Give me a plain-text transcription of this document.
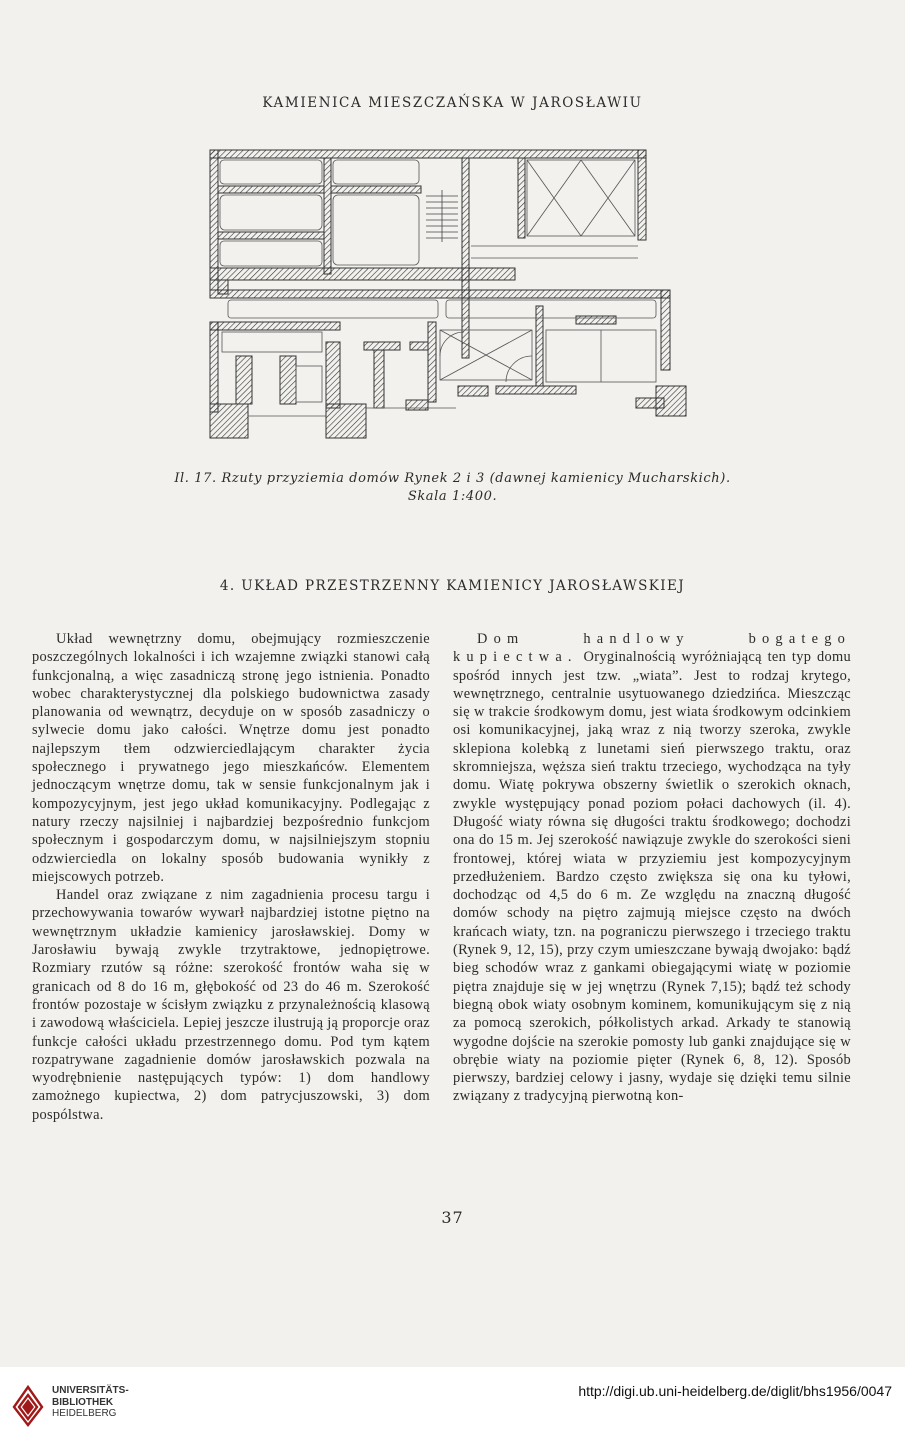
KAMIENICA MIESZCZAŃSKA W JAROSŁAWIU
Il. 17. Rzuty przyziemia domów Rynek 2 i 3 (dawnej kamienicy Mucharskich).
Skala 1:400.
4. UKŁAD PRZESTRZENNY KAMIENICY JAROSŁAWSKIEJ

Układ wewnętrzny domu, obejmujący rozmieszczenie poszczególnych lokalności i ich wzajemne związki stanowi całą funkcjonalną, a więc zasadniczą stronę jego istnienia. Ponadto wobec charakterystycznej dla polskiego budownictwa zasady planowania od wewnątrz, decyduje on w sposób zasadniczy o sylwecie domu jako całości. Wnętrze domu jest ponadto najlepszym tłem odzwierciedlającym charakter życia społecznego i prywatnego jego mieszkańców. Elementem jednoczącym wnętrze domu, tak w sensie funkcjonalnym jak i kompozycyjnym, jest jego układ komunikacyjny. Podlegając z natury rzeczy najsilniej i najbardziej bezpośrednio funkcjom społecznym i gospodarczym domu, w najsilniejszym stopniu odzwierciedla on lokalny sposób budowania wynikły z miejscowych potrzeb.

Handel oraz związane z nim zagadnienia procesu targu i przechowywania towarów wywarł najbardziej istotne piętno na wewnętrznym układzie kamienicy jarosławskiej. Domy w Jarosławiu bywają zwykle trzytraktowe, jednopiętrowe. Rozmiary rzutów są różne: szerokość frontów waha się w granicach od 8 do 16 m, głębokość od 23 do 46 m. Szerokość frontów pozostaje w ścisłym związku z przynależnością klasową i zawodową właściciela. Lepiej jeszcze ilustrują ją proporcje oraz funkcje całości układu przestrzennego domu. Pod tym kątem rozpatrywane zagadnienie domów jarosławskich pozwala na wyodrębnienie następujących typów: 1) dom handlowy zamożnego kupiectwa, 2) dom patrycjuszowski, 3) dom pospólstwa.

Dom handlowy bogatego kupiectwa. Oryginalnością wyróżniającą ten typ domu spośród innych jest tzw. „wiata”. Jest to rodzaj krytego, wewnętrznego, centralnie usytuowanego dziedzińca. Mieszcząc się w trakcie środkowym domu, jest wiata środkowym odcinkiem osi komunikacyjnej, jaką wraz z nią tworzy szeroka, zwykle sklepiona kolebką z lunetami sień pierwszego traktu, oraz skromniejsza, węższa sień traktu trzeciego, wychodząca na tyły domu. Wiatę pokrywa obszerny świetlik o szerokich oknach, zwykle występujący ponad poziom połaci dachowych (il. 4). Długość wiaty równa się długości traktu środkowego; dochodzi ona do 15 m. Jej szerokość nawiązuje zwykle do szerokości sieni frontowej, której wiata w przyziemiu jest kompozycyjnym przedłużeniem. Bardzo często zwiększa się ona ku tyłowi, dochodząc od 4,5 do 6 m. Ze względu na znaczną długość domów schody na piętro zajmują miejsce często na dwóch krańcach wiaty, tzn. na pograniczu pierwszego i trzeciego traktu (Rynek 9, 12, 15), przy czym umieszczane bywają dwojako: bądź bieg schodów wraz z gankami obiegającymi wiatę w poziomie piętra znajduje się w jej wnętrzu (Rynek 7,15); bądź też schody biegną obok wiaty osobnym kominem, komunikującym się z nią za pomocą szerokich, półkolistych arkad. Arkady te stanowią wygodne dojście na szerokie pomosty lub ganki znajdujące się w obrębie wiaty na poziomie pięter (Rynek 6, 8, 12). Sposób pierwszy, bardziej celowy i jasny, wydaje się dzięki temu silnie związany z tradycyjną pierwotną kon-

37
UNIVERSITÄTS-
BIBLIOTHEK
HEIDELBERG
http://digi.ub.uni-heidelberg.de/diglit/bhs1956/0047
